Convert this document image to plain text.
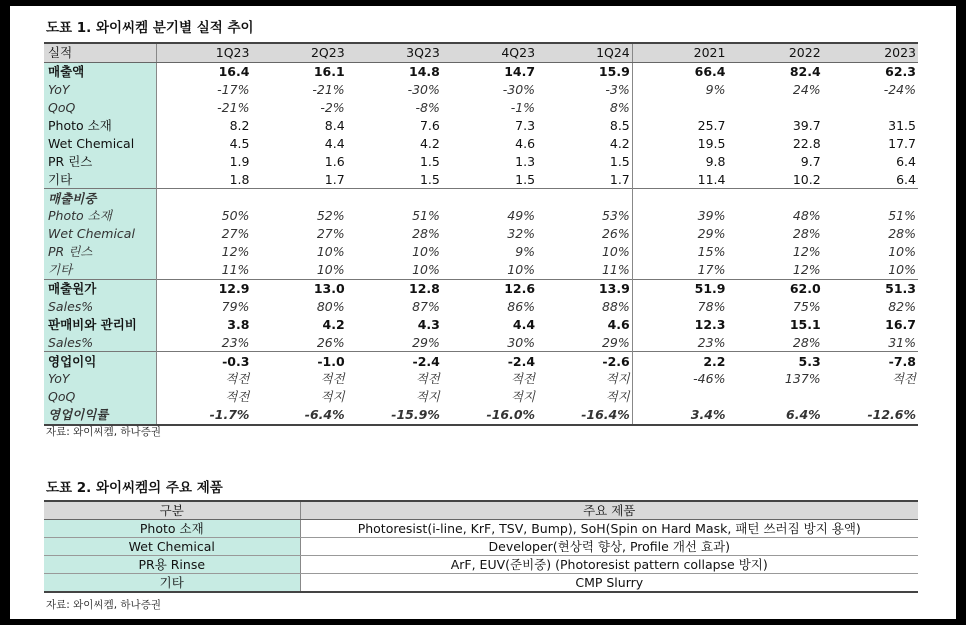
도표 1. 와이씨켐 분기별 실적 추이
실적	1Q23	2Q23	3Q23	4Q23	1Q24	2021	2022	2023
매출액	16.4	16.1	14.8	14.7	15.9	66.4	82.4	62.3
YoY	-17%	-21%	-30%	-30%	-3%	9%	24%	-24%
QoQ	-21%	-2%	-8%	-1%	8%			
Photo 소재	8.2	8.4	7.6	7.3	8.5	25.7	39.7	31.5
Wet Chemical	4.5	4.4	4.2	4.6	4.2	19.5	22.8	17.7
PR 린스	1.9	1.6	1.5	1.3	1.5	9.8	9.7	6.4
기타	1.8	1.7	1.5	1.5	1.7	11.4	10.2	6.4
매출비중								
Photo 소재	50%	52%	51%	49%	53%	39%	48%	51%
Wet Chemical	27%	27%	28%	32%	26%	29%	28%	28%
PR 린스	12%	10%	10%	9%	10%	15%	12%	10%
기타	11%	10%	10%	10%	11%	17%	12%	10%
매출원가	12.9	13.0	12.8	12.6	13.9	51.9	62.0	51.3
Sales%	79%	80%	87%	86%	88%	78%	75%	82%
판매비와 관리비	3.8	4.2	4.3	4.4	4.6	12.3	15.1	16.7
Sales%	23%	26%	29%	30%	29%	23%	28%	31%
영업이익	-0.3	-1.0	-2.4	-2.4	-2.6	2.2	5.3	-7.8
YoY	적전	적전	적전	적전	적지	-46%	137%	적전
QoQ	적전	적지	적지	적지	적지			
영업이익률	-1.7%	-6.4%	-15.9%	-16.0%	-16.4%	3.4%	6.4%	-12.6%
자료: 와이씨켐, 하나증권
도표 2. 와이씨켐의 주요 제품
구분	주요 제품
Photo 소재	Photoresist(i-line, KrF, TSV, Bump), SoH(Spin on Hard Mask, 패턴 쓰러짐 방지 용액)
Wet Chemical	Developer(현상력 향상, Profile 개선 효과)
PR용 Rinse	ArF, EUV(준비중) (Photoresist pattern collapse 방지)
기타	CMP Slurry
자료: 와이씨켐, 하나증권
